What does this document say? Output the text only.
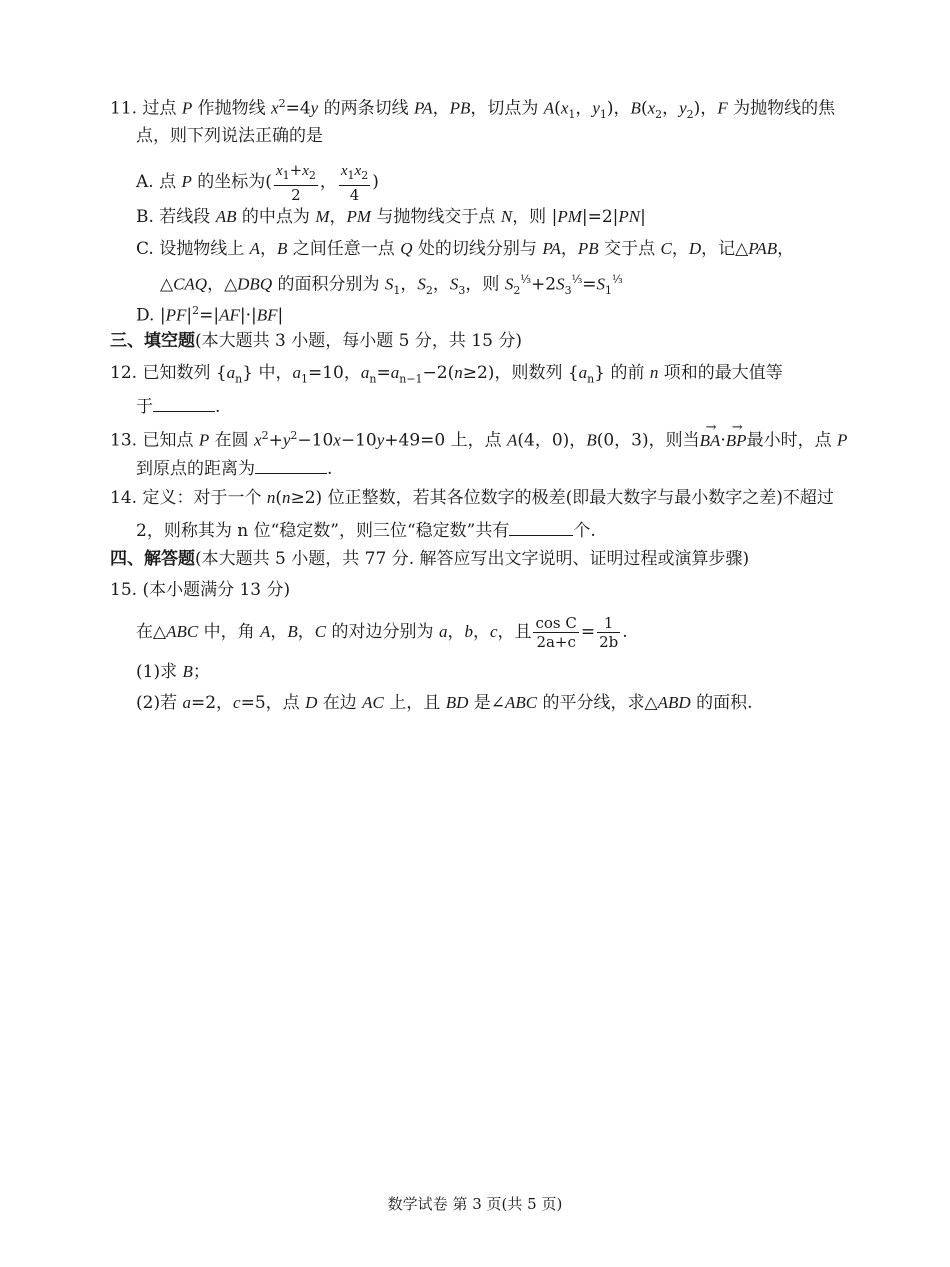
11. 过点 P 作抛物线 $x^2=4y$ 的两条切线 PA，PB，切点为 $A(x_1$，$y_1$)，$B(x_2$，$y_2$)，F 为抛物线的焦
点，则下列说法正确的是
A. 点 P 的坐标为( $\frac{x_1+x_2}{2}$ ， $\frac{x_1x_2}{4}$ )
B. 若线段 AB 的中点为 M，PM 与抛物线交于点 N，则 |PM|=2|PN|
C. 设抛物线上 A，B 之间任意一点 Q 处的切线分别与 PA，PB 交于点 C，D，记△PAB，
△CAQ，△DBQ 的面积分别为 $S_1$，$S_2$，$S_3$，则 $S_2^{\frac{1}{3}}+2S_3^{\frac{1}{3}}=S_1^{\frac{1}{3}}$
D. $|PF|^2=|AF|\cdot|BF|$
三、填空题(本大题共 3 小题，每小题 5 分，共 15 分)
12. 已知数列 $\{a_n\}$ 中，$a_1=10$，$a_n=a_{n-1}-2(n\ge 2)$，则数列 $\{a_n\}$ 的前 n 项和的最大值等
于	.
13. 已知点 P 在圆 $x^2+y^2-10x-10y+49=0$ 上，点 A(4，0)，B(0，3)，则当→ BA·→ BP最小时，点 P
到原点的距离为	.
14. 定义：对于一个 n(n≥2) 位正整数，若其各位数字的极差(即最大数字与最小数字之差)不超过
2，则称其为 n 位“稳定数”，则三位“稳定数”共有	个.
四、解答题(本大题共 5 小题，共 77 分. 解答应写出文字说明、证明过程或演算步骤)
15. (本小题满分 13 分)
在△ABC 中，角 A，B，C 的对边分别为 a，b，c，且 $\frac{\text{cos C}}{2a+c} = \frac{1}{2b}$ .
(1)求 B；
(2)若 a=2，c=5，点 D 在边 AC 上，且 BD 是∠ABC 的平分线，求△ABD 的面积.
数学试卷 第 3 页(共 5 页)
